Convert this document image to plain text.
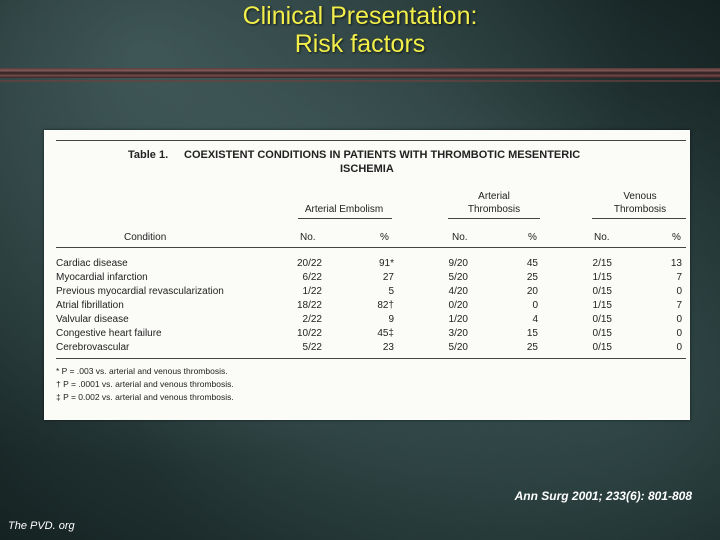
Clinical Presentation:
Risk factors
Table 1. COEXISTENT CONDITIONS IN PATIENTS WITH THROMBOTIC MESENTERIC
ISCHEMIA

Arterial Embolism
Arterial
Thrombosis
Venous
Thrombosis
Condition	No.	%	No.	%	No.	%
Cardiac disease	20/22	91*	9/20	45	2/15	13
Myocardial infarction	6/22	27	5/20	25	1/15	7
Previous myocardial revascularization	1/22	5	4/20	20	0/15	0
Atrial fibrillation	18/22	82†	0/20	0	1/15	7
Valvular disease	2/22	9	1/20	4	0/15	0
Congestive heart failure	10/22	45‡	3/20	15	0/15	0
Cerebrovascular	5/22	23	5/20	25	0/15	0
* P = .003 vs. arterial and venous thrombosis.
† P = .0001 vs. arterial and venous thrombosis.
‡ P = 0.002 vs. arterial and venous thrombosis.
Ann Surg 2001; 233(6): 801-808
The PVD. org
